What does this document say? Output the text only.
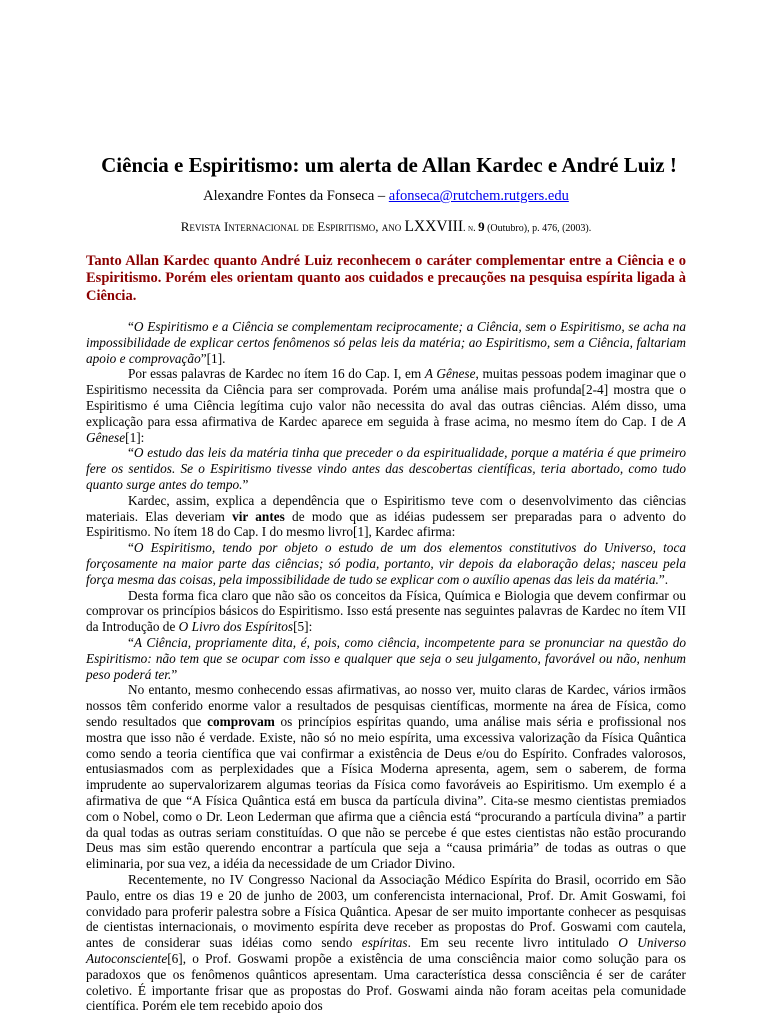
Ciência e Espiritismo: um alerta de Allan Kardec e André Luiz !
Alexandre Fontes da Fonseca – afonseca@rutchem.rutgers.edu
Revista Internacional de Espiritismo, ano LXXVIII. n. 9 (Outubro), p. 476, (2003).
Tanto Allan Kardec quanto André Luiz reconhecem o caráter complementar entre a Ciência e o Espiritismo. Porém eles orientam quanto aos cuidados e precauções na pesquisa espírita ligada à Ciência.

“O Espiritismo e a Ciência se complementam reciprocamente; a Ciência, sem o Espiritismo, se acha na impossibilidade de explicar certos fenômenos só pelas leis da matéria; ao Espiritismo, sem a Ciência, faltariam apoio e comprovação”[1].

Por essas palavras de Kardec no ítem 16 do Cap. I, em A Gênese, muitas pessoas podem imaginar que o Espiritismo necessita da Ciência para ser comprovada. Porém uma análise mais profunda[2-4] mostra que o Espiritismo é uma Ciência legítima cujo valor não necessita do aval das outras ciências. Além disso, uma explicação para essa afirmativa de Kardec aparece em seguida à frase acima, no mesmo ítem do Cap. I de A Gênese[1]:

“O estudo das leis da matéria tinha que preceder o da espiritualidade, porque a matéria é que primeiro fere os sentidos. Se o Espiritismo tivesse vindo antes das descobertas científicas, teria abortado, como tudo quanto surge antes do tempo.”

Kardec, assim, explica a dependência que o Espiritismo teve com o desenvolvimento das ciências materiais. Elas deveriam vir antes de modo que as idéias pudessem ser preparadas para o advento do Espiritismo. No ítem 18 do Cap. I do mesmo livro[1], Kardec afirma:

“O Espiritismo, tendo por objeto o estudo de um dos elementos constitutivos do Universo, toca forçosamente na maior parte das ciências; só podia, portanto, vir depois da elaboração delas; nasceu pela força mesma das coisas, pela impossibilidade de tudo se explicar com o auxílio apenas das leis da matéria.”.

Desta forma fica claro que não são os conceitos da Física, Química e Biologia que devem confirmar ou comprovar os princípios básicos do Espiritismo. Isso está presente nas seguintes palavras de Kardec no ítem VII da Introdução de O Livro dos Espíritos[5]:

“A Ciência, propriamente dita, é, pois, como ciência, incompetente para se pronunciar na questão do Espiritismo: não tem que se ocupar com isso e qualquer que seja o seu julgamento, favorável ou não, nenhum peso poderá ter.”

No entanto, mesmo conhecendo essas afirmativas, ao nosso ver, muito claras de Kardec, vários irmãos nossos têm conferido enorme valor a resultados de pesquisas científicas, mormente na área de Física, como sendo resultados que comprovam os princípios espíritas quando, uma análise mais séria e profissional nos mostra que isso não é verdade. Existe, não só no meio espírita, uma excessiva valorização da Física Quântica como sendo a teoria científica que vai confirmar a existência de Deus e/ou do Espírito. Confrades valorosos, entusiasmados com as perplexidades que a Física Moderna apresenta, agem, sem o saberem, de forma imprudente ao supervalorizarem algumas teorias da Física como favoráveis ao Espiritismo. Um exemplo é a afirmativa de que “A Física Quântica está em busca da partícula divina”. Cita-se mesmo cientistas premiados com o Nobel, como o Dr. Leon Lederman que afirma que a ciência está “procurando a partícula divina” a partir da qual todas as outras seriam constituídas. O que não se percebe é que estes cientistas não estão procurando Deus mas sim estão querendo encontrar a partícula que seja a “causa primária” de todas as outras o que eliminaria, por sua vez, a idéia da necessidade de um Criador Divino.

Recentemente, no IV Congresso Nacional da Associação Médico Espírita do Brasil, ocorrido em São Paulo, entre os dias 19 e 20 de junho de 2003, um conferencista internacional, Prof. Dr. Amit Goswami, foi convidado para proferir palestra sobre a Física Quântica. Apesar de ser muito importante conhecer as pesquisas de cientistas internacionais, o movimento espírita deve receber as propostas do Prof. Goswami com cautela, antes de considerar suas idéias como sendo espíritas. Em seu recente livro intitulado O Universo Autoconsciente[6], o Prof. Goswami propõe a existência de uma consciência maior como solução para os paradoxos que os fenômenos quânticos apresentam. Uma característica dessa consciência é ser de caráter coletivo. É importante frisar que as propostas do Prof. Goswami ainda não foram aceitas pela comunidade científica. Porém ele tem recebido apoio dos
